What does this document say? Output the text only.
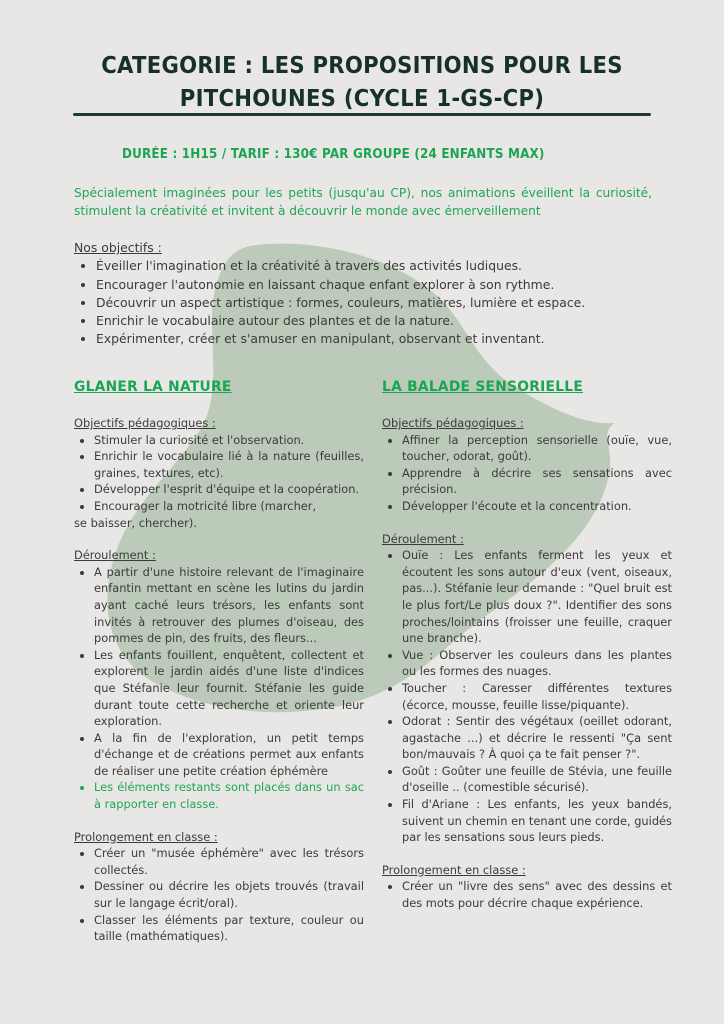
CATEGORIE : LES PROPOSITIONS POUR LES
PITCHOUNES (CYCLE 1-GS-CP)
DURÉE : 1H15 / TARIF : 130€ PAR GROUPE (24 ENFANTS MAX)
Spécialement imaginées pour les petits (jusqu'au CP), nos animations éveillent la curiosité, stimulent la créativité et invitent à découvrir le monde avec émerveillement
Nos objectifs :
• Éveiller l'imagination et la créativité à travers des activités ludiques.
• Encourager l'autonomie en laissant chaque enfant explorer à son rythme.
• Découvrir un aspect artistique : formes, couleurs, matières, lumière et espace.
• Enrichir le vocabulaire autour des plantes et de la nature.
• Expérimenter, créer et s'amuser en manipulant, observant et inventant.
GLANER LA NATURE
Objectifs pédagogiques :
• Stimuler la curiosité et l'observation.
• Enrichir le vocabulaire lié à la nature (feuilles, graines, textures, etc).
• Développer l'esprit d'équipe et la coopération.
• Encourager la motricité libre (marcher,
se baisser, chercher).
Déroulement :
• A partir d'une histoire relevant de l'imaginaire enfantin mettant en scène les lutins du jardin ayant caché leurs trésors, les enfants sont invités à retrouver des plumes d'oiseau, des pommes de pin, des fruits, des fleurs...
• Les enfants fouillent, enquêtent, collectent et explorent le jardin aidés d'une liste d'indices que Stéfanie leur fournit. Stéfanie les guide durant toute cette recherche et oriente leur exploration.
• A la fin de l'exploration, un petit temps d'échange et de créations permet aux enfants de réaliser une petite création éphémère
• Les éléments restants sont placés dans un sac à rapporter en classe.
Prolongement en classe :
• Créer un "musée éphémère" avec les trésors collectés.
• Dessiner ou décrire les objets trouvés (travail sur le langage écrit/oral).
• Classer les éléments par texture, couleur ou taille (mathématiques).
LA BALADE SENSORIELLE
Objectifs pédagogiques :
• Affiner la perception sensorielle (ouïe, vue, toucher, odorat, goût).
• Apprendre à décrire ses sensations avec précision.
• Développer l'écoute et la concentration.
Déroulement :
• Ouïe : Les enfants ferment les yeux et écoutent les sons autour d'eux (vent, oiseaux, pas...). Stéfanie leur demande : "Quel bruit est le plus fort/Le plus doux ?". Identifier des sons proches/lointains (froisser une feuille, craquer une branche).
• Vue : Observer les couleurs dans les plantes ou les formes des nuages.
• Toucher : Caresser différentes textures (écorce, mousse, feuille lisse/piquante).
• Odorat : Sentir des végétaux (oeillet odorant, agastache ...) et décrire le ressenti "Ça sent bon/mauvais ? À quoi ça te fait penser ?".
• Goût : Goûter une feuille de Stévia, une feuille d'oseille .. (comestible sécurisé).
• Fil d'Ariane : Les enfants, les yeux bandés, suivent un chemin en tenant une corde, guidés par les sensations sous leurs pieds.
Prolongement en classe :
• Créer un "livre des sens" avec des dessins et des mots pour décrire chaque expérience.
